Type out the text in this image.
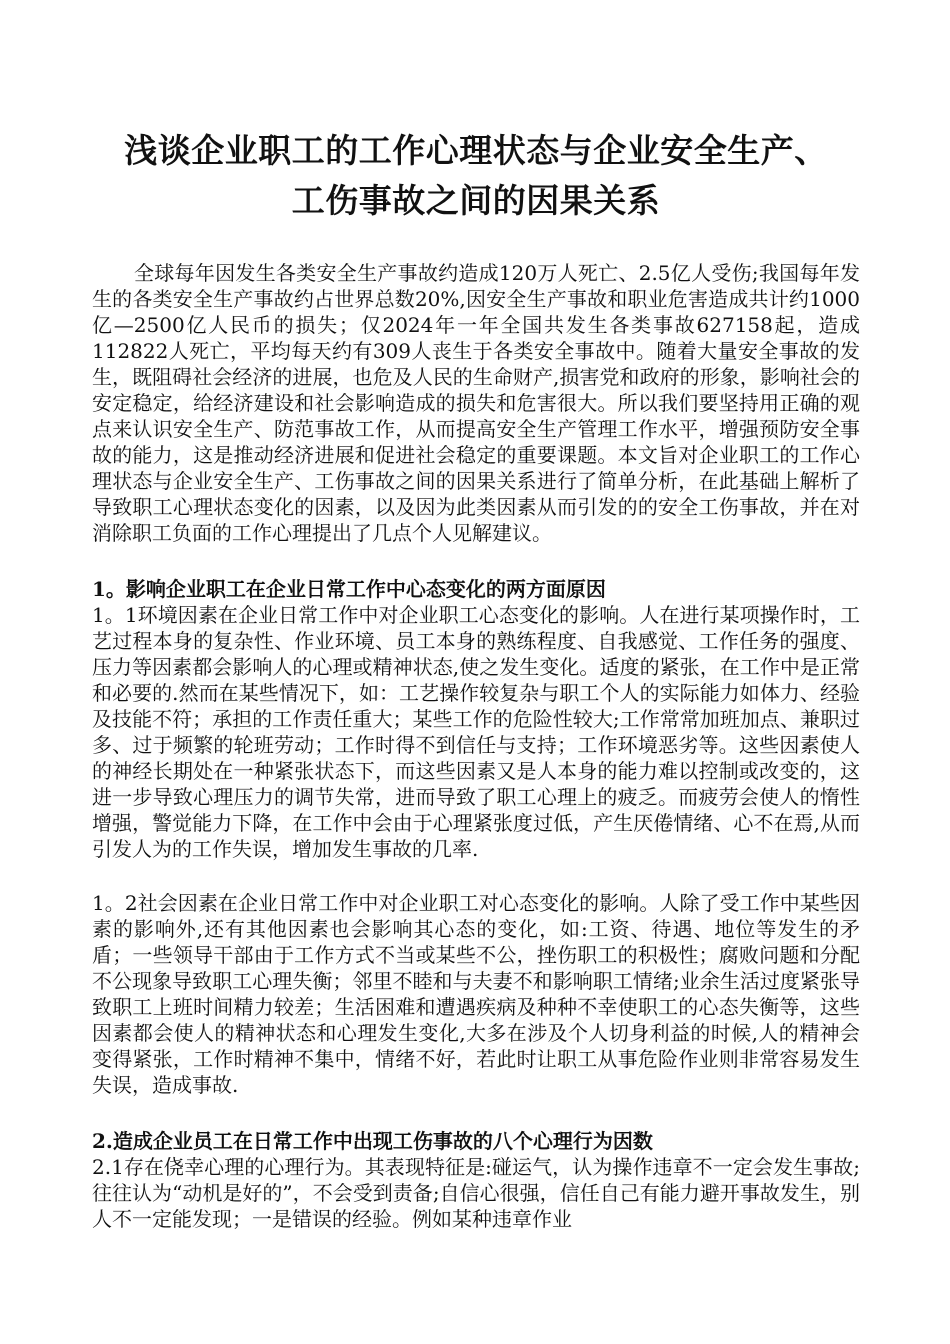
浅谈企业职工的工作心理状态与企业安全生产、
工伤事故之间的因果关系

全球每年因发生各类安全生产事故约造成120万人死亡、2.5亿人受伤;我国每年发生的各类安全生产事故约占世界总数20%,因安全生产事故和职业危害造成共计约1000亿—2500亿人民币的损失；仅2024年一年全国共发生各类事故627158起，造成112822人死亡，平均每天约有309人丧生于各类安全事故中。随着大量安全事故的发生，既阻碍社会经济的进展，也危及人民的生命财产,损害党和政府的形象，影响社会的安定稳定，给经济建设和社会影响造成的损失和危害很大。所以我们要坚持用正确的观点来认识安全生产、防范事故工作，从而提高安全生产管理工作水平，增强预防安全事故的能力，这是推动经济进展和促进社会稳定的重要课题。本文旨对企业职工的工作心理状态与企业安全生产、工伤事故之间的因果关系进行了简单分析，在此基础上解析了导致职工心理状态变化的因素，以及因为此类因素从而引发的的安全工伤事故，并在对消除职工负面的工作心理提出了几点个人见解建议。

1。影响企业职工在企业日常工作中心态变化的两方面原因

1。1环境因素在企业日常工作中对企业职工心态变化的影响。人在进行某项操作时，工艺过程本身的复杂性、作业环境、员工本身的熟练程度、自我感觉、工作任务的强度、压力等因素都会影响人的心理或精神状态,使之发生变化。适度的紧张，在工作中是正常和必要的.然而在某些情况下，如：工艺操作较复杂与职工个人的实际能力如体力、经验及技能不符；承担的工作责任重大；某些工作的危险性较大;工作常常加班加点、兼职过多、过于频繁的轮班劳动；工作时得不到信任与支持；工作环境恶劣等。这些因素使人的神经长期处在一种紧张状态下，而这些因素又是人本身的能力难以控制或改变的，这进一步导致心理压力的调节失常，进而导致了职工心理上的疲乏。而疲劳会使人的惰性增强，警觉能力下降，在工作中会由于心理紧张度过低，产生厌倦情绪、心不在焉,从而引发人为的工作失误，增加发生事故的几率.

1。2社会因素在企业日常工作中对企业职工对心态变化的影响。人除了受工作中某些因素的影响外,还有其他因素也会影响其心态的变化，如:工资、待遇、地位等发生的矛盾；一些领导干部由于工作方式不当或某些不公，挫伤职工的积极性；腐败问题和分配不公现象导致职工心理失衡；邻里不睦和与夫妻不和影响职工情绪;业余生活过度紧张导致职工上班时间精力较差；生活困难和遭遇疾病及种种不幸使职工的心态失衡等，这些因素都会使人的精神状态和心理发生变化,大多在涉及个人切身利益的时候,人的精神会变得紧张，工作时精神不集中，情绪不好，若此时让职工从事危险作业则非常容易发生失误，造成事故.

2.造成企业员工在日常工作中出现工伤事故的八个心理行为因数

2.1存在侥幸心理的心理行为。其表现特征是:碰运气，认为操作违章不一定会发生事故;往往认为“动机是好的”，不会受到责备;自信心很强，信任自己有能力避开事故发生，别人不一定能发现；一是错误的经验。例如某种违章作业
